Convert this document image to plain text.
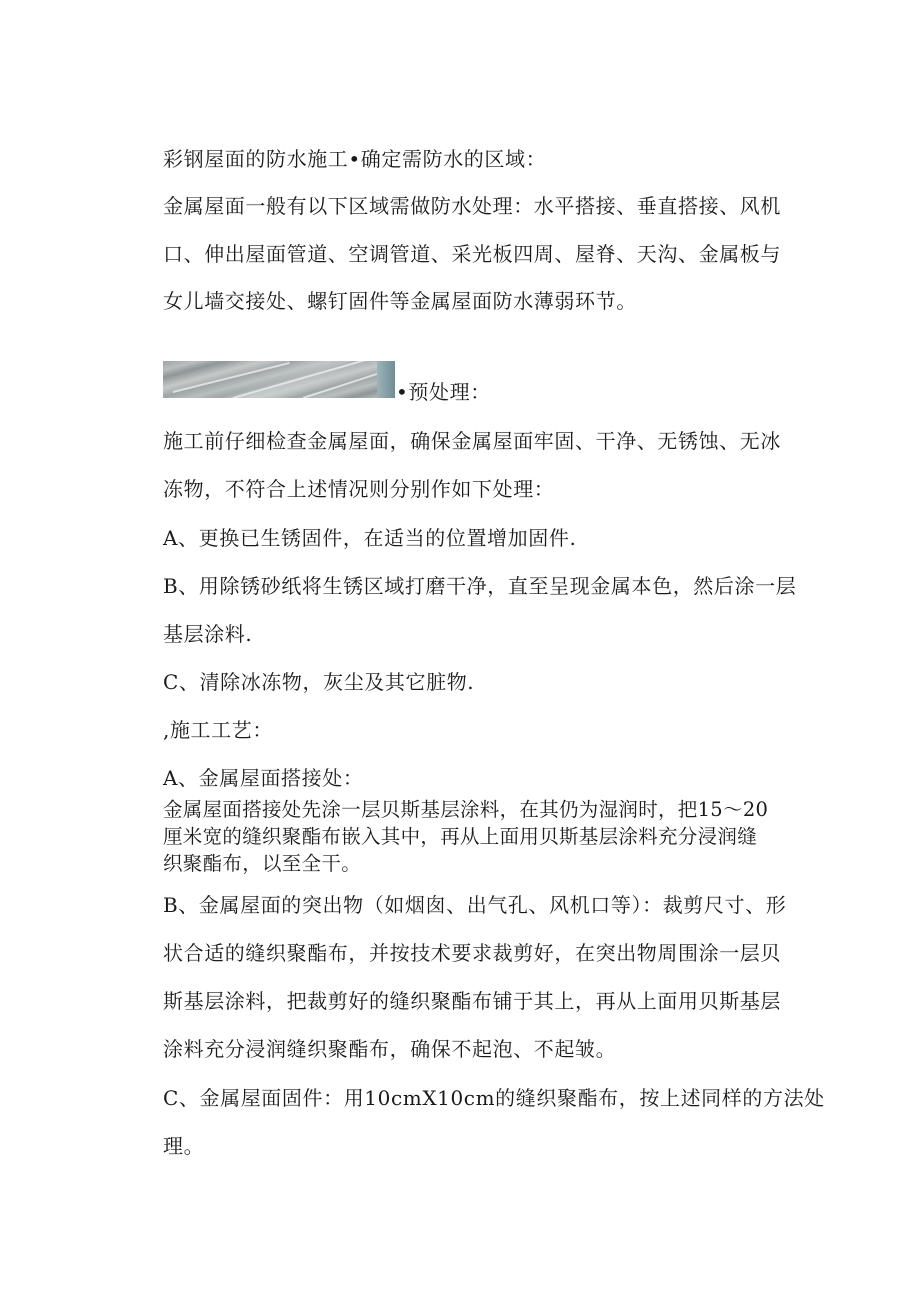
彩钢屋面的防水施工•确定需防水的区域：
金属屋面一般有以下区域需做防水处理：水平搭接、垂直搭接、风机
口、伸出屋面管道、空调管道、采光板四周、屋脊、天沟、金属板与
女儿墙交接处、螺钉固件等金属屋面防水薄弱环节。
•预处理：
施工前仔细检查金属屋面，确保金属屋面牢固、干净、无锈蚀、无冰
冻物，不符合上述情况则分别作如下处理：
A、更换已生锈固件，在适当的位置增加固件.
B、用除锈砂纸将生锈区域打磨干净，直至呈现金属本色，然后涂一层
基层涂料.
C、清除冰冻物，灰尘及其它脏物.
,施工工艺：
A、金属屋面搭接处：
金属屋面搭接处先涂一层贝斯基层涂料，在其仍为湿润时，把15～20
厘米宽的缝织聚酯布嵌入其中，再从上面用贝斯基层涂料充分浸润缝
织聚酯布，以至全干。
B、金属屋面的突出物（如烟囱、出气孔、风机口等）：裁剪尺寸、形
状合适的缝织聚酯布，并按技术要求裁剪好，在突出物周围涂一层贝
斯基层涂料，把裁剪好的缝织聚酯布铺于其上，再从上面用贝斯基层
涂料充分浸润缝织聚酯布，确保不起泡、不起皱。
C、金属屋面固件：用10cmX10cm的缝织聚酯布，按上述同样的方法处
理。
